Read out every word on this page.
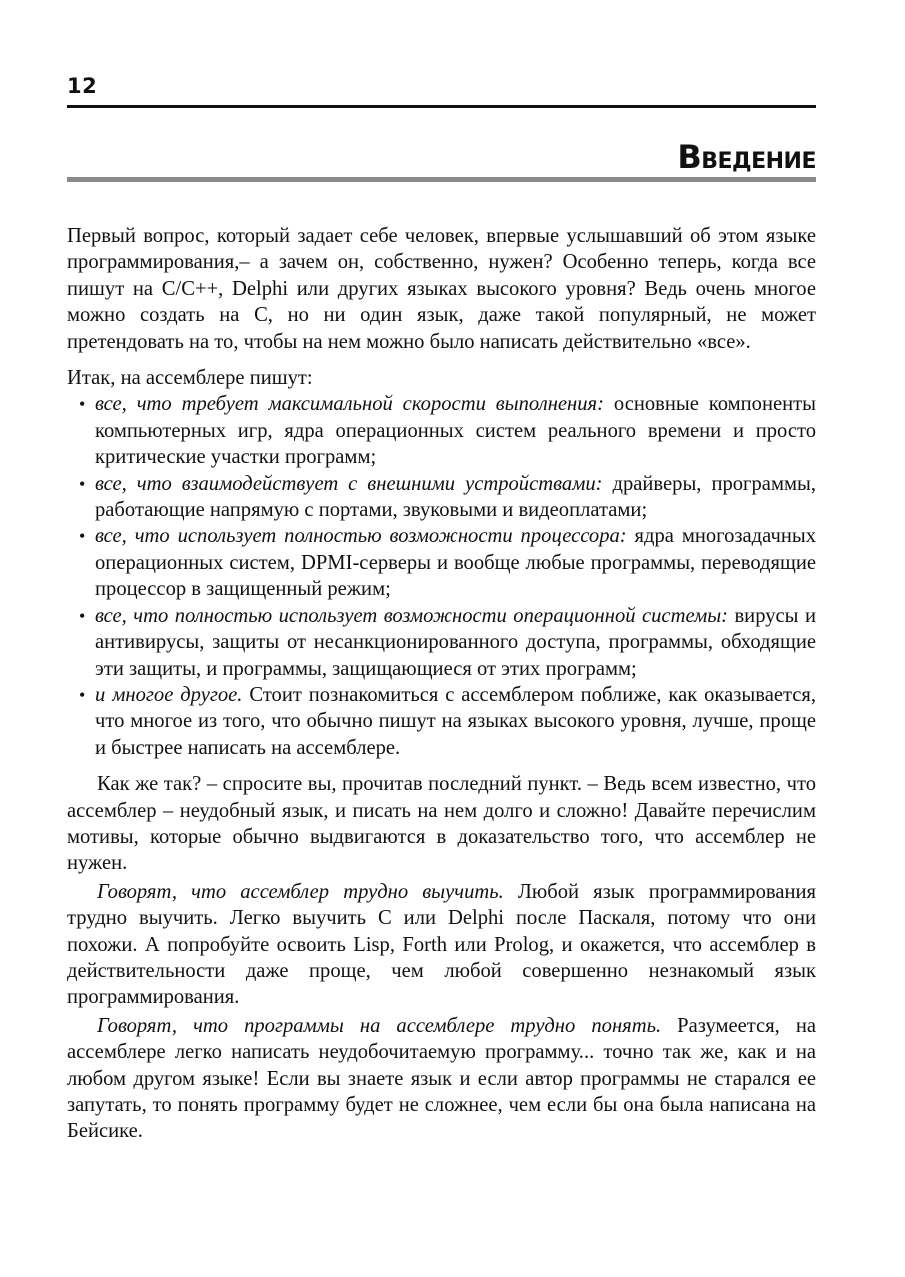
12
Введение

Первый вопрос, который задает себе человек, впервые услышавший об этом языке программирования,– а зачем он, собственно, нужен? Особенно теперь, когда все пишут на C/C++, Delphi или других языках высокого уровня? Ведь очень многое можно создать на C, но ни один язык, даже такой популярный, не может претендовать на то, чтобы на нем можно было написать действительно «все».

Итак, на ассемблере пишут:

• все, что требует максимальной скорости выполнения: основные компоненты компьютерных игр, ядра операционных систем реального времени и просто критические участки программ;
• все, что взаимодействует с внешними устройствами: драйверы, программы, работающие напрямую с портами, звуковыми и видеоплатами;
• все, что использует полностью возможности процессора: ядра многозадачных операционных систем, DPMI-серверы и вообще любые программы, переводящие процессор в защищенный режим;
• все, что полностью использует возможности операционной системы: вирусы и антивирусы, защиты от несанкционированного доступа, программы, обходящие эти защиты, и программы, защищающиеся от этих программ;
• и многое другое. Стоит познакомиться с ассемблером поближе, как оказывается, что многое из того, что обычно пишут на языках высокого уровня, лучше, проще и быстрее написать на ассемблере.

Как же так? – спросите вы, прочитав последний пункт. – Ведь всем известно, что ассемблер – неудобный язык, и писать на нем долго и сложно! Давайте перечислим мотивы, которые обычно выдвигаются в доказательство того, что ассемблер не нужен.

Говорят, что ассемблер трудно выучить. Любой язык программирования трудно выучить. Легко выучить C или Delphi после Паскаля, потому что они похожи. А попробуйте освоить Lisp, Forth или Prolog, и окажется, что ассемблер в действительности даже проще, чем любой совершенно незнакомый язык программирования.

Говорят, что программы на ассемблере трудно понять. Разумеется, на ассемблере легко написать неудобочитаемую программу... точно так же, как и на любом другом языке! Если вы знаете язык и если автор программы не старался ее запутать, то понять программу будет не сложнее, чем если бы она была написана на Бейсике.
